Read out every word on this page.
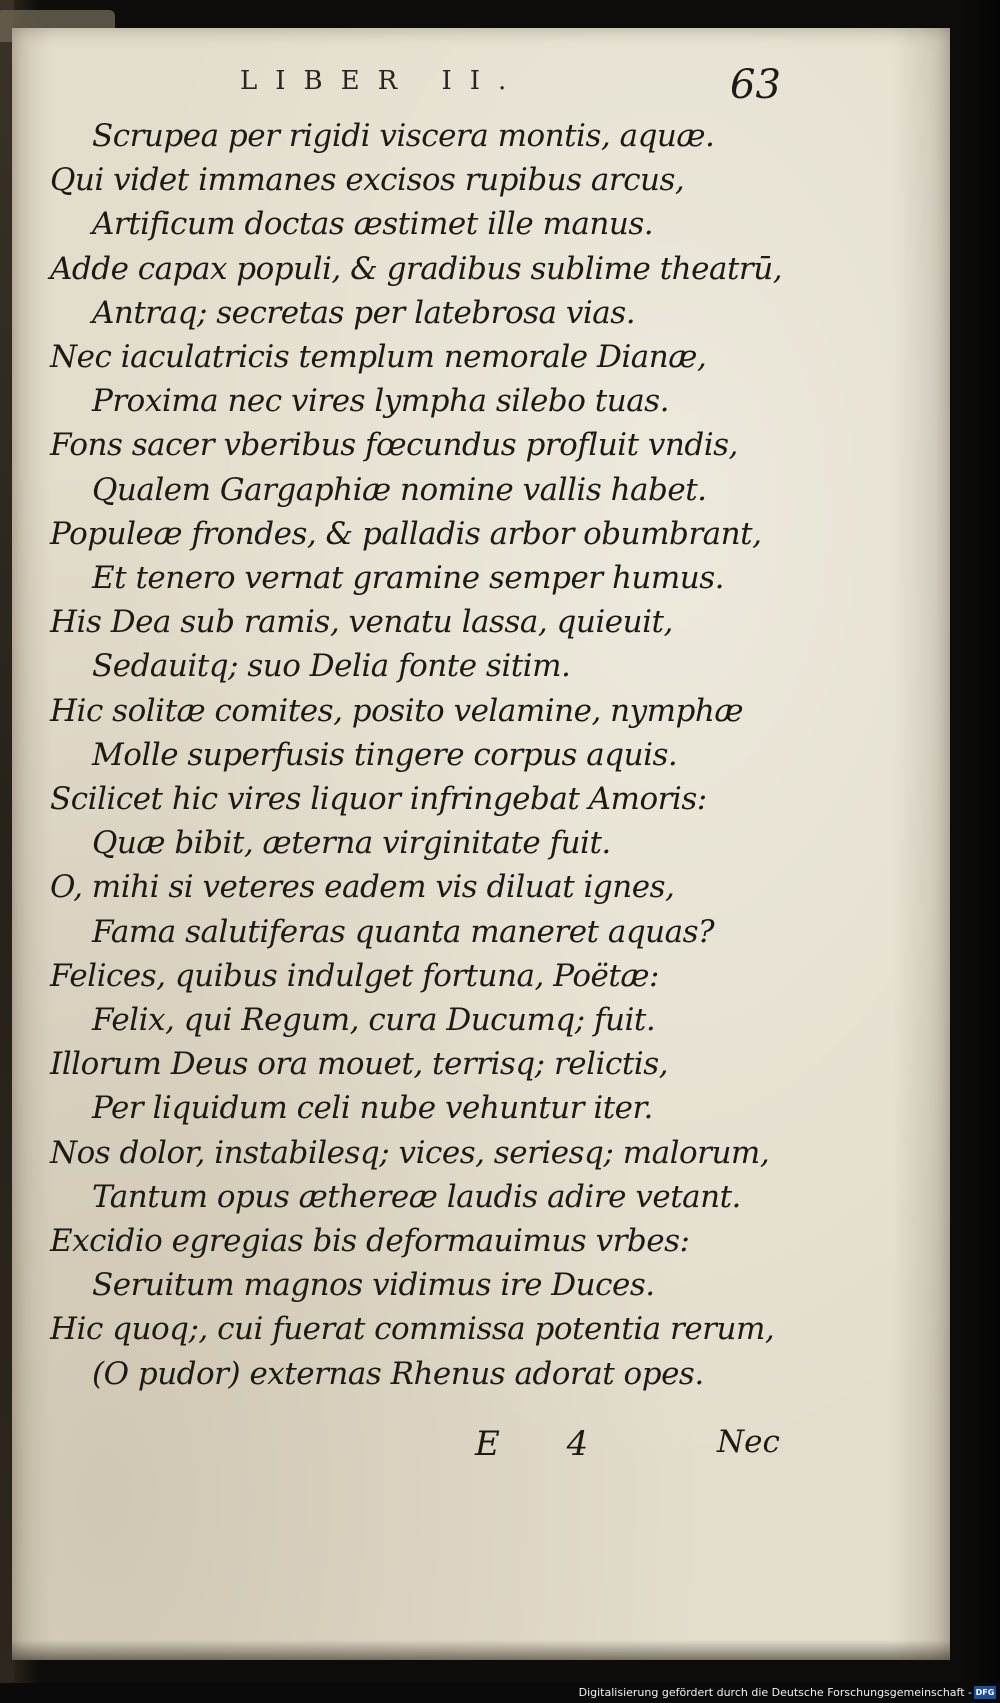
LIBER II.	63
Scrupea per rigidi viscera montis, aquæ.
Qui videt immanes excisos rupibus arcus,
Artificum doctas æstimet ille manus.
Adde capax populi, & gradibus sublime theatrū,
Antraq; secretas per latebrosa vias.
Nec iaculatricis templum nemorale Dianæ,
Proxima nec vires lympha silebo tuas.
Fons sacer vberibus fœcundus profluit vndis,
Qualem Gargaphiæ nomine vallis habet.
Populeæ frondes, & palladis arbor obumbrant,
Et tenero vernat gramine semper humus.
His Dea sub ramis, venatu lassa, quieuit,
Sedauitq; suo Delia fonte sitim.
Hic solitæ comites, posito velamine, nymphæ
Molle superfusis tingere corpus aquis.
Scilicet hic vires liquor infringebat Amoris:
Quæ bibit, æterna virginitate fuit.
O, mihi si veteres eadem vis diluat ignes,
Fama salutiferas quanta maneret aquas?
Felices, quibus indulget fortuna, Poëtæ:
Felix, qui Regum, cura Ducumq; fuit.
Illorum Deus ora mouet, terrisq; relictis,
Per liquidum celi nube vehuntur iter.
Nos dolor, instabilesq; vices, seriesq; malorum,
Tantum opus æthereæ laudis adire vetant.
Excidio egregias bis deformauimus vrbes:
Seruitum magnos vidimus ire Duces.
Hic quoq;, cui fuerat commissa potentia rerum,
(O pudor) externas Rhenus adorat opes.
E 4	Nec
Digitalisierung gefördert durch die Deutsche Forschungsgemeinschaft - DFG
